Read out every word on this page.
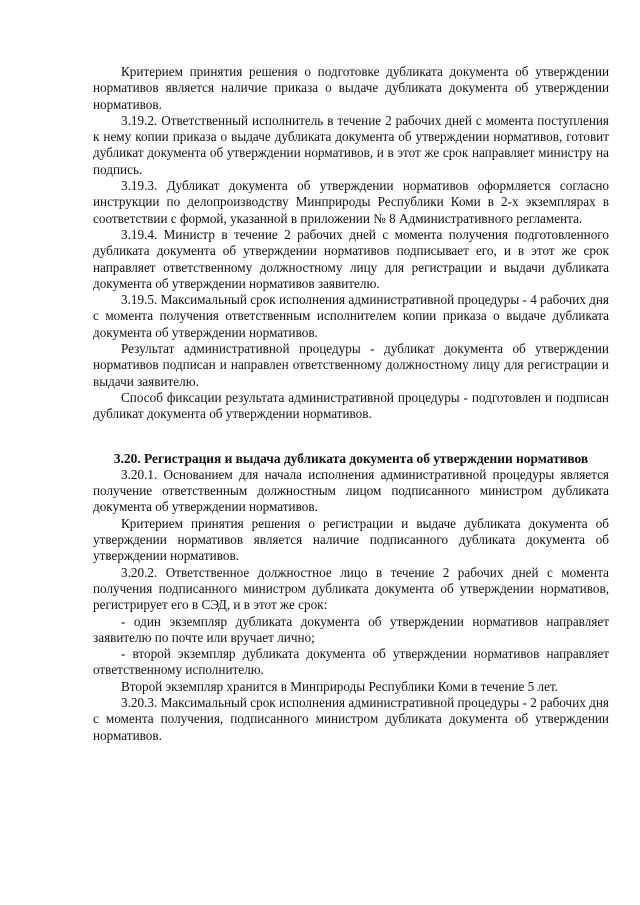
Критерием принятия решения о подготовке дубликата документа об утверждении нормативов является наличие приказа о выдаче дубликата документа об утверждении нормативов.

3.19.2. Ответственный исполнитель в течение 2 рабочих дней с момента поступления к нему копии приказа о выдаче дубликата документа об утверждении нормативов, готовит дубликат документа об утверждении нормативов, и в этот же срок направляет министру на подпись.

3.19.3. Дубликат документа об утверждении нормативов оформляется согласно инструкции по делопроизводству Минприроды Республики Коми в 2-х экземплярах в соответствии с формой, указанной в приложении № 8 Административного регламента.

3.19.4. Министр в течение 2 рабочих дней с момента получения подготовленного дубликата документа об утверждении нормативов подписывает его, и в этот же срок направляет ответственному должностному лицу для регистрации и выдачи дубликата документа об утверждении нормативов заявителю.

3.19.5. Максимальный срок исполнения административной процедуры - 4 рабочих дня с момента получения ответственным исполнителем копии приказа о выдаче дубликата документа об утверждении нормативов.

Результат административной процедуры - дубликат документа об утверждении нормативов подписан и направлен ответственному должностному лицу для регистрации и выдачи заявителю.

Способ фиксации результата административной процедуры - подготовлен и подписан дубликат документа об утверждении нормативов.

3.20. Регистрация и выдача дубликата документа об утверждении нормативов

3.20.1. Основанием для начала исполнения административной процедуры является получение ответственным должностным лицом подписанного министром дубликата документа об утверждении нормативов.

Критерием принятия решения о регистрации и выдаче дубликата документа об утверждении нормативов является наличие подписанного дубликата документа об утверждении нормативов.

3.20.2. Ответственное должностное лицо в течение 2 рабочих дней с момента получения подписанного министром дубликата документа об утверждении нормативов, регистрирует его в СЭД, и в этот же срок:

- один экземпляр дубликата документа об утверждении нормативов направляет заявителю по почте или вручает лично;

- второй экземпляр дубликата документа об утверждении нормативов направляет ответственному исполнителю.

Второй экземпляр хранится в Минприроды Республики Коми в течение 5 лет.

3.20.3. Максимальный срок исполнения административной процедуры - 2 рабочих дня с момента получения, подписанного министром дубликата документа об утверждении нормативов.
